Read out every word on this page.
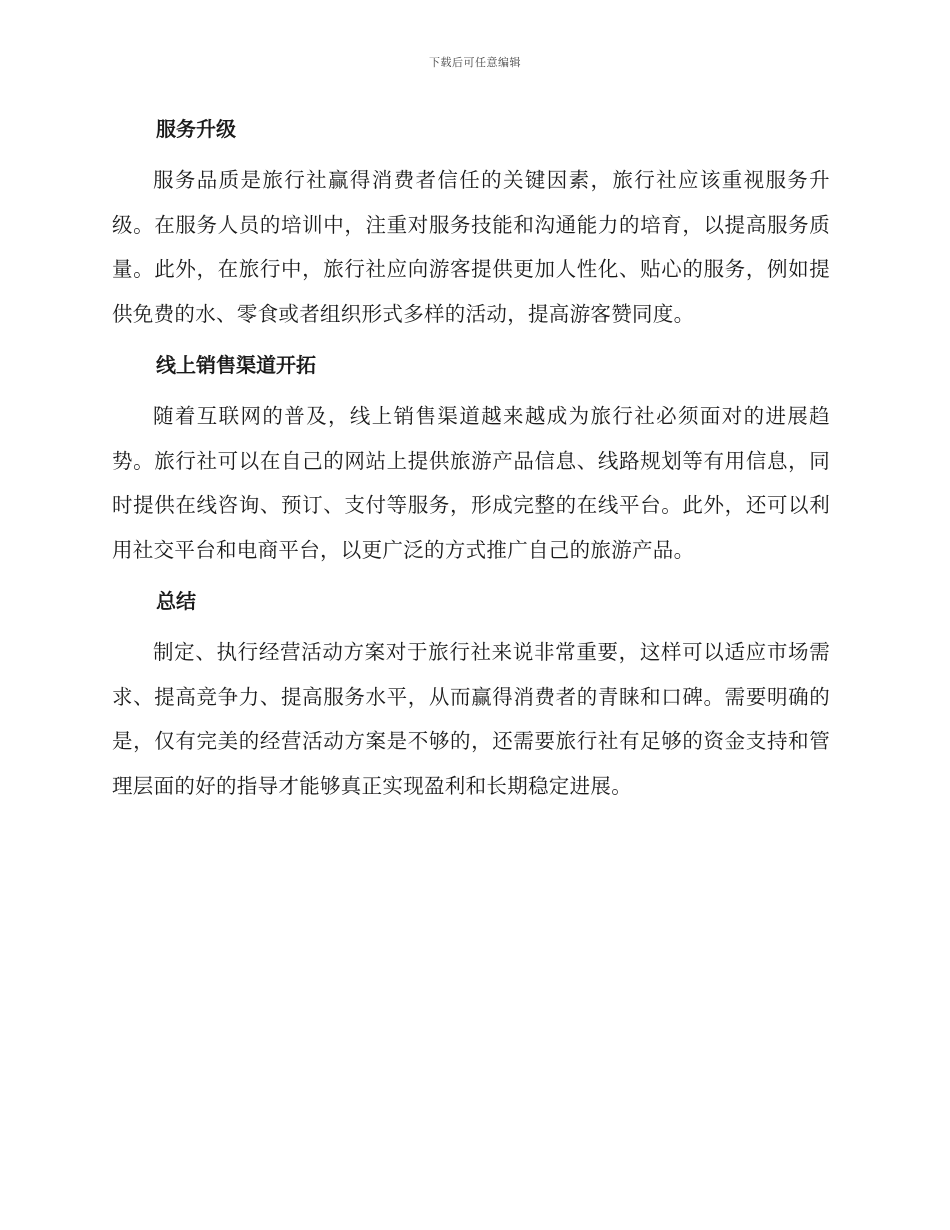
下载后可任意编辑
服务升级

服务品质是旅行社赢得消费者信任的关键因素，旅行社应该重视服务升级。在服务人员的培训中，注重对服务技能和沟通能力的培育，以提高服务质量。此外，在旅行中，旅行社应向游客提供更加人性化、贴心的服务，例如提供免费的水、零食或者组织形式多样的活动，提高游客赞同度。

线上销售渠道开拓

随着互联网的普及，线上销售渠道越来越成为旅行社必须面对的进展趋势。旅行社可以在自己的网站上提供旅游产品信息、线路规划等有用信息，同时提供在线咨询、预订、支付等服务，形成完整的在线平台。此外，还可以利用社交平台和电商平台，以更广泛的方式推广自己的旅游产品。

总结

制定、执行经营活动方案对于旅行社来说非常重要，这样可以适应市场需求、提高竞争力、提高服务水平，从而赢得消费者的青睐和口碑。需要明确的是，仅有完美的经营活动方案是不够的，还需要旅行社有足够的资金支持和管理层面的好的指导才能够真正实现盈利和长期稳定进展。
